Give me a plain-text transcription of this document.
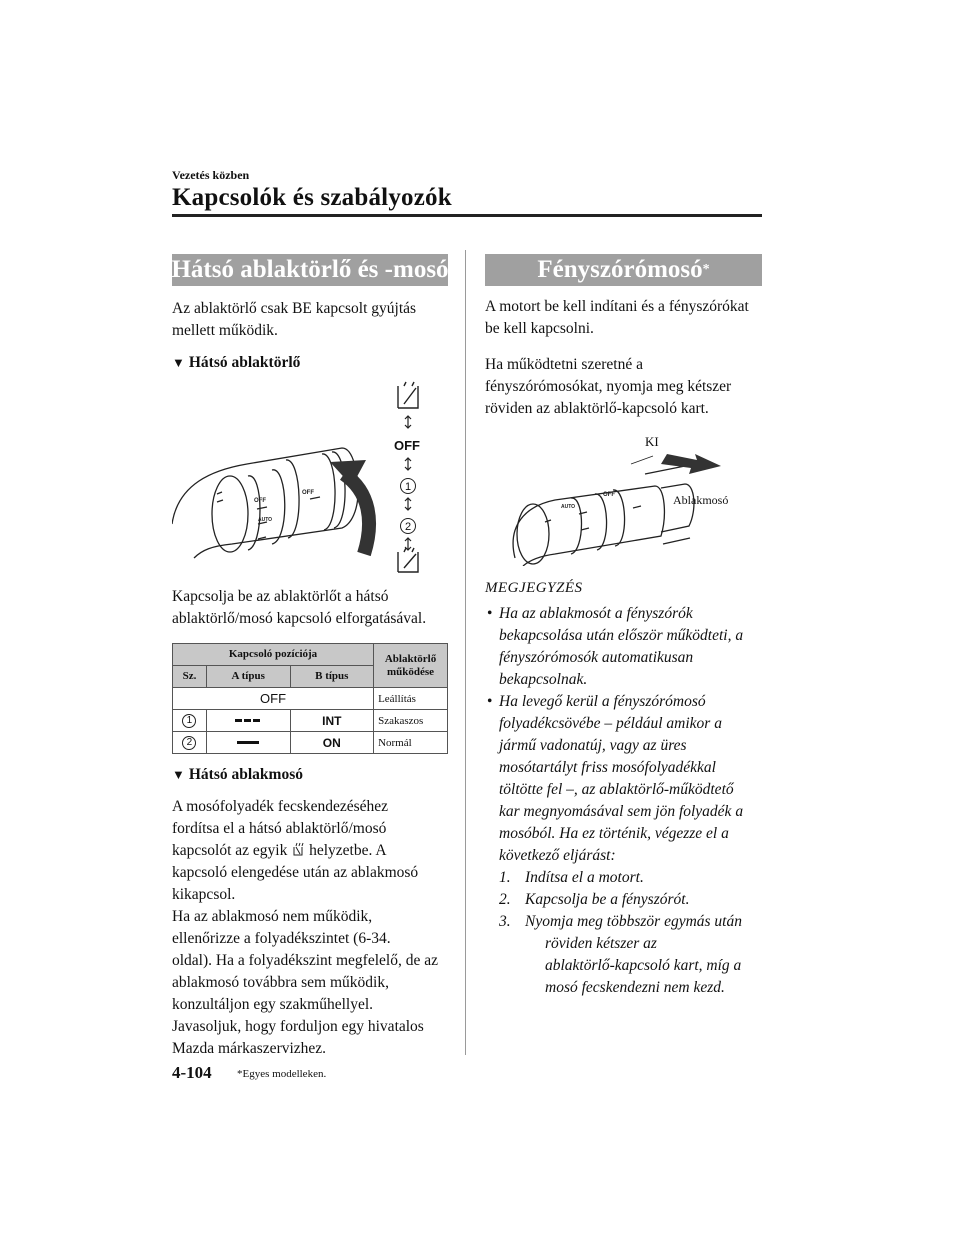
Vezetés közben
Kapcsolók és szabályozók
Hátsó ablaktörlő és -mosó
Az ablaktörlő csak BE kapcsolt gyújtás
mellett működik.
▼ Hátsó ablaktörlő
OFF
OFF
AUTO
OFF
1
2
Kapcsolja be az ablaktörlőt a hátsó
ablaktörlő/mosó kapcsoló elforgatásával.
Kapcsoló pozíciója			Ablaktörlő működése
Sz.	A típus	B típus	
OFF			Leállítás
1		INT	Szakaszos
2		ON	Normál
▼ Hátsó ablakmosó
A mosófolyadék fecskendezéséhez
fordítsa el a hátsó ablaktörlő/mosó
kapcsolót az egyik helyzetbe. A
kapcsoló elengedése után az ablakmosó
kikapcsol.
Ha az ablakmosó nem működik,
ellenőrizze a folyadékszintet (6-34.
oldal). Ha a folyadékszint megfelelő, de az
ablakmosó továbbra sem működik,
konzultáljon egy szakműhellyel.
Javasoljuk, hogy forduljon egy hivatalos
Mazda márkaszervizhez.
Fényszórómosó *
A motort be kell indítani és a fényszórókat
be kell kapcsolni.
Ha működtetni szeretné a
fényszórómosókat, nyomja meg kétszer
röviden az ablaktörlő-kapcsoló kart.
AUTO
OFF
KI
Ablakmosó
MEGJEGYZÉS
• Ha az ablakmosót a fényszórók
bekapcsolása után először működteti, a
fényszórómosók automatikusan
bekapcsolnak.
• Ha levegő kerül a fényszórómosó
folyadékcsövébe – például amikor a
jármű vadonatúj, vagy az üres
mosótartályt friss mosófolyadékkal
töltötte fel –, az ablaktörlő-működtető
kar megnyomásával sem jön folyadék a
mosóból. Ha ez történik, végezze el a
következő eljárást:
1. Indítsa el a motort.
2. Kapcsolja be a fényszórót.
3. Nyomja meg többször egymás után
röviden kétszer az
ablaktörlő-kapcsoló kart, míg a
mosó fecskendezni nem kezd.
4-104 *Egyes modelleken.
